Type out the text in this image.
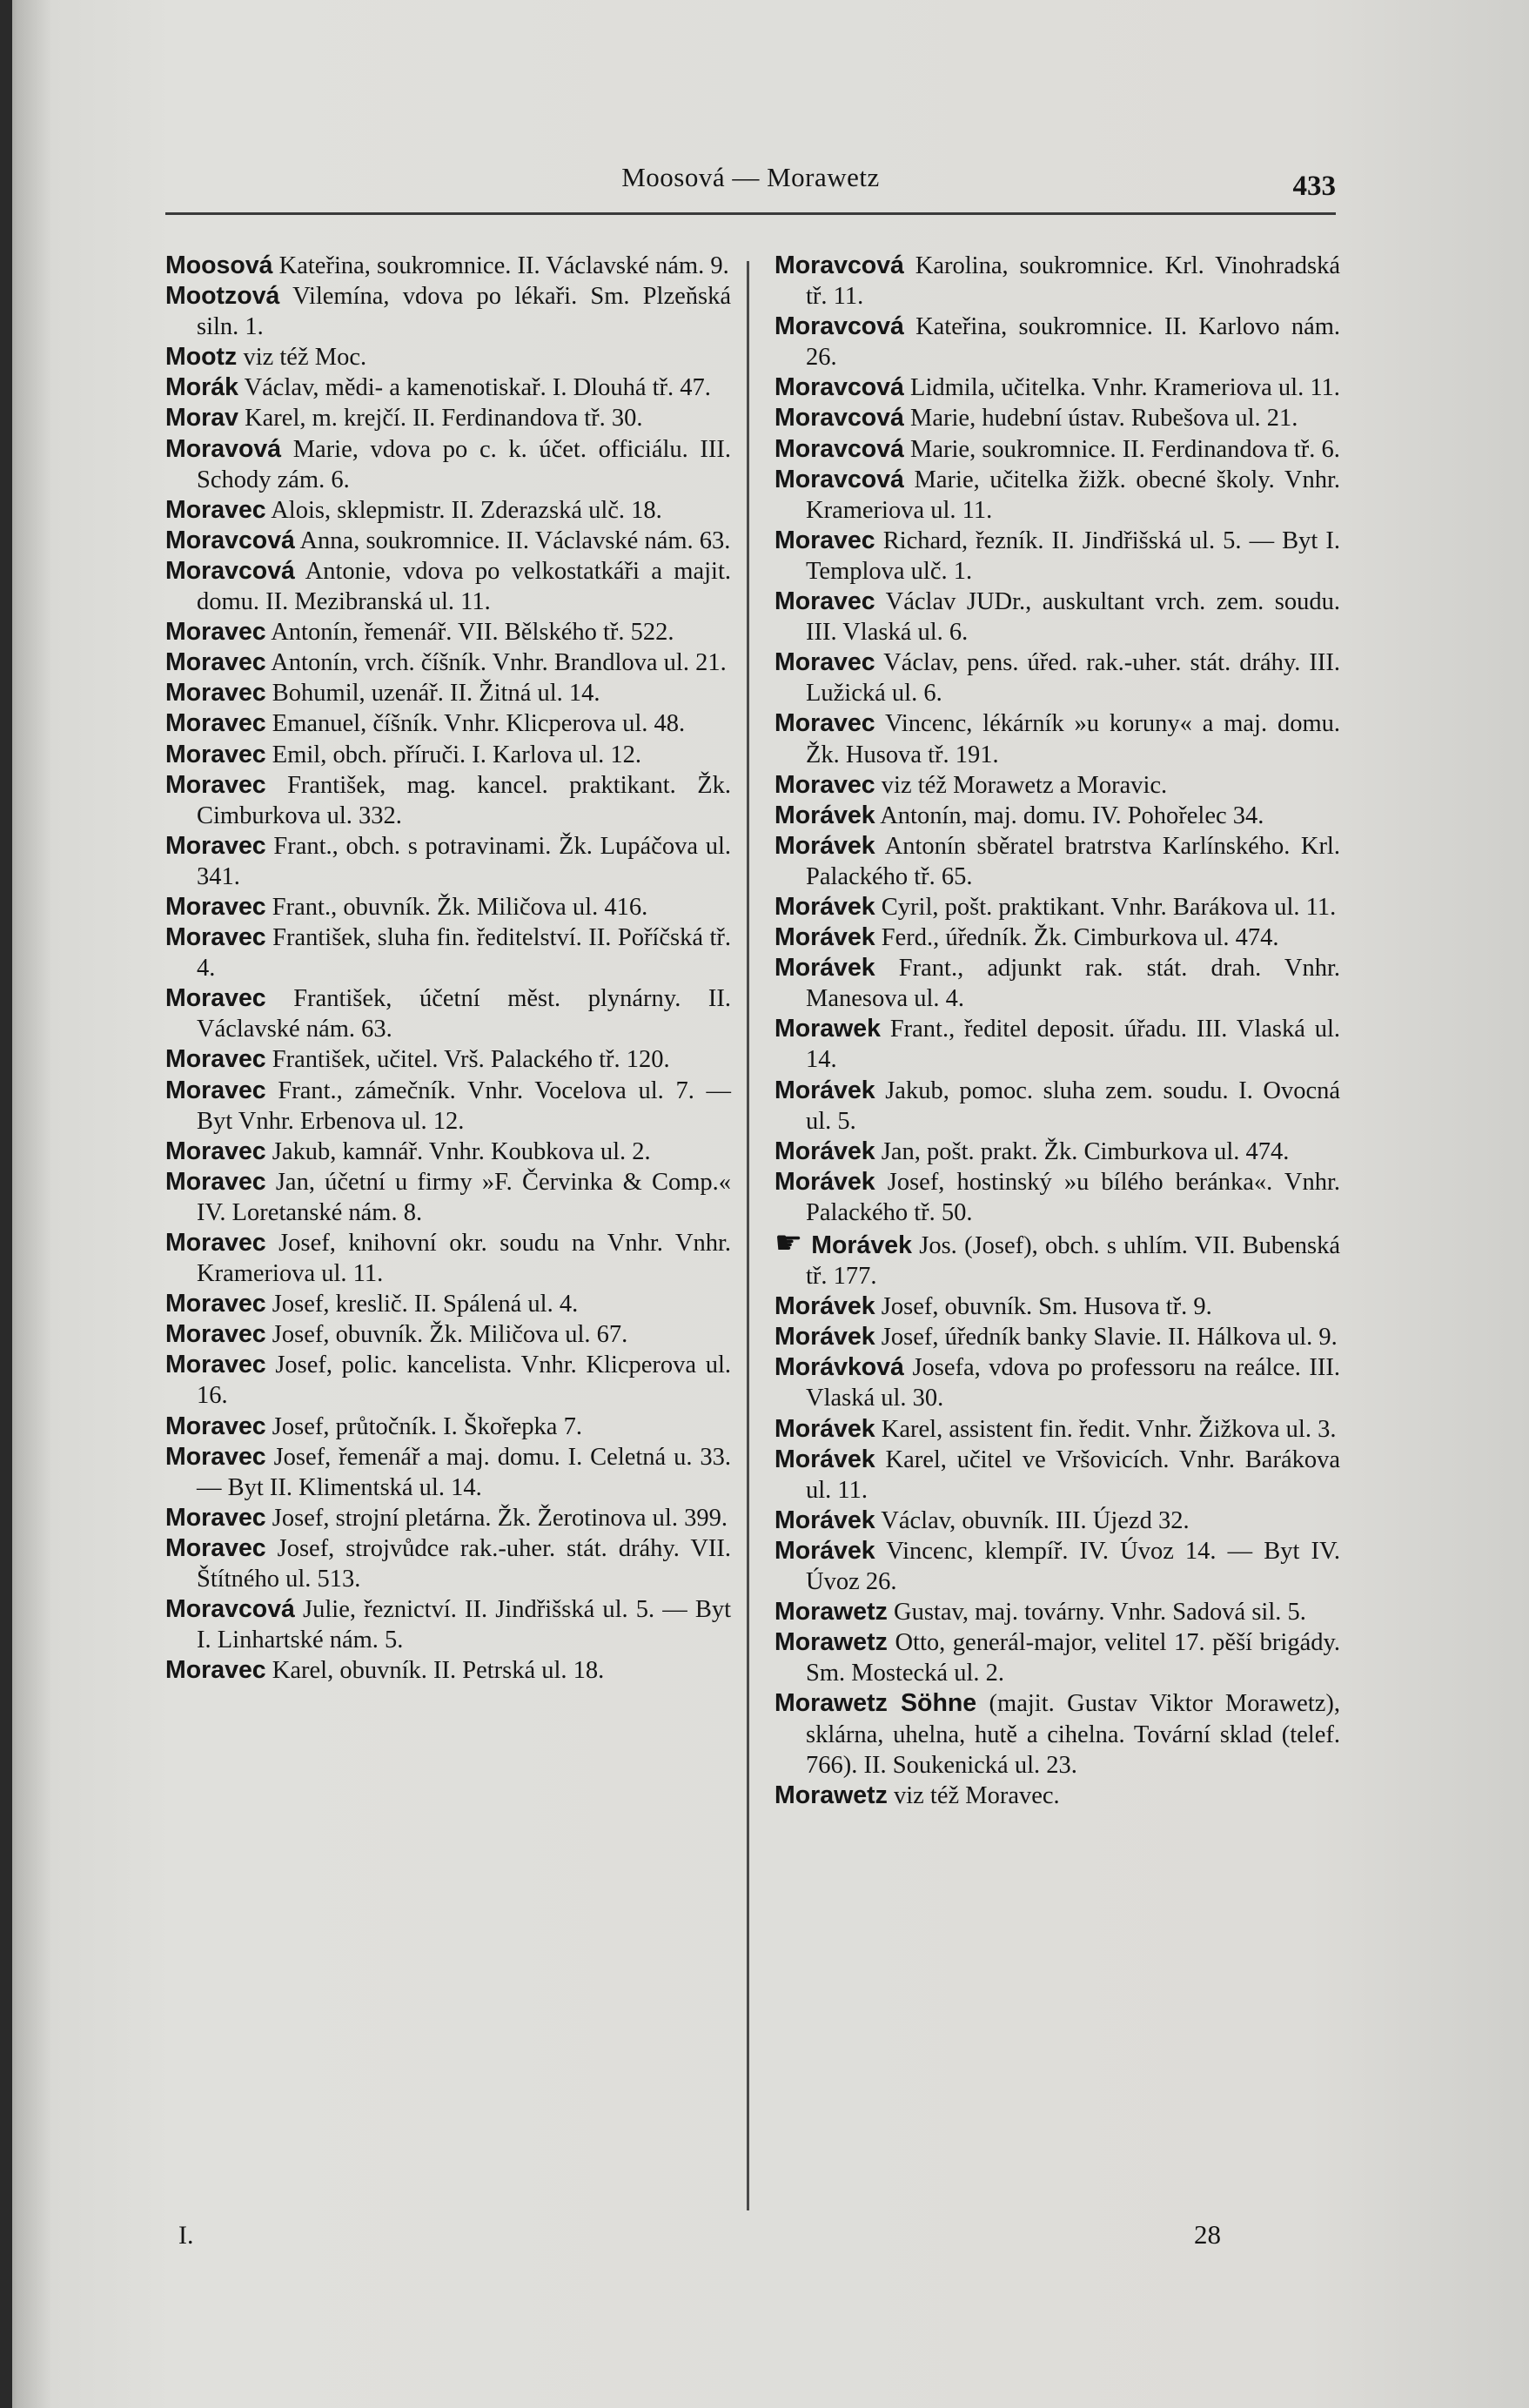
Moosová — Morawetz	433

Moosová Kateřina, soukromnice. II. Václavské nám. 9.

Mootzová Vilemína, vdova po lékaři. Sm. Plzeňská siln. 1.

Mootz viz též Moc.

Morák Václav, mědi- a kamenotiskař. I. Dlouhá tř. 47.

Morav Karel, m. krejčí. II. Ferdinandova tř. 30.

Moravová Marie, vdova po c. k. účet. officiálu. III. Schody zám. 6.

Moravec Alois, sklepmistr. II. Zderazská ulč. 18.

Moravcová Anna, soukromnice. II. Václavské nám. 63.

Moravcová Antonie, vdova po velkostatkáři a majit. domu. II. Mezibranská ul. 11.

Moravec Antonín, řemenář. VII. Bělského tř. 522.

Moravec Antonín, vrch. číšník. Vnhr. Brandlova ul. 21.

Moravec Bohumil, uzenář. II. Žitná ul. 14.

Moravec Emanuel, číšník. Vnhr. Klicperova ul. 48.

Moravec Emil, obch. příruči. I. Karlova ul. 12.

Moravec František, mag. kancel. praktikant. Žk. Cimburkova ul. 332.

Moravec Frant., obch. s potravinami. Žk. Lupáčova ul. 341.

Moravec Frant., obuvník. Žk. Miličova ul. 416.

Moravec František, sluha fin. ředitelství. II. Poříčská tř. 4.

Moravec František, účetní měst. plynárny. II. Václavské nám. 63.

Moravec František, učitel. Vrš. Palackého tř. 120.

Moravec Frant., zámečník. Vnhr. Vocelova ul. 7. — Byt Vnhr. Erbenova ul. 12.

Moravec Jakub, kamnář. Vnhr. Koubkova ul. 2.

Moravec Jan, účetní u firmy »F. Červinka & Comp.« IV. Loretanské nám. 8.

Moravec Josef, knihovní okr. soudu na Vnhr. Vnhr. Krameriova ul. 11.

Moravec Josef, kreslič. II. Spálená ul. 4.

Moravec Josef, obuvník. Žk. Miličova ul. 67.

Moravec Josef, polic. kancelista. Vnhr. Klicperova ul. 16.

Moravec Josef, průtočník. I. Škořepka 7.

Moravec Josef, řemenář a maj. domu. I. Celetná u. 33. — Byt II. Klimentská ul. 14.

Moravec Josef, strojní pletárna. Žk. Žerotinova ul. 399.

Moravec Josef, strojvůdce rak.-uher. stát. dráhy. VII. Štítného ul. 513.

Moravcová Julie, řeznictví. II. Jindřišská ul. 5. — Byt I. Linhartské nám. 5.

Moravec Karel, obuvník. II. Petrská ul. 18.

Moravcová Karolina, soukromnice. Krl. Vinohradská tř. 11.

Moravcová Kateřina, soukromnice. II. Karlovo nám. 26.

Moravcová Lidmila, učitelka. Vnhr. Krameriova ul. 11.

Moravcová Marie, hudební ústav. Rubešova ul. 21.

Moravcová Marie, soukromnice. II. Ferdinandova tř. 6.

Moravcová Marie, učitelka žižk. obecné školy. Vnhr. Krameriova ul. 11.

Moravec Richard, řezník. II. Jindřišská ul. 5. — Byt I. Templova ulč. 1.

Moravec Václav JUDr., auskultant vrch. zem. soudu. III. Vlaská ul. 6.

Moravec Václav, pens. úřed. rak.-uher. stát. dráhy. III. Lužická ul. 6.

Moravec Vincenc, lékárník »u koruny« a maj. domu. Žk. Husova tř. 191.

Moravec viz též Morawetz a Moravic.

Morávek Antonín, maj. domu. IV. Pohořelec 34.

Morávek Antonín sběratel bratrstva Karlínského. Krl. Palackého tř. 65.

Morávek Cyril, pošt. praktikant. Vnhr. Barákova ul. 11.

Morávek Ferd., úředník. Žk. Cimburkova ul. 474.

Morávek Frant., adjunkt rak. stát. drah. Vnhr. Manesova ul. 4.

Morawek Frant., ředitel deposit. úřadu. III. Vlaská ul. 14.

Morávek Jakub, pomoc. sluha zem. soudu. I. Ovocná ul. 5.

Morávek Jan, pošt. prakt. Žk. Cimburkova ul. 474.

Morávek Josef, hostinský »u bílého beránka«. Vnhr. Palackého tř. 50.

☛ Morávek Jos. (Josef), obch. s uhlím. VII. Bubenská tř. 177.

Morávek Josef, obuvník. Sm. Husova tř. 9.

Morávek Josef, úředník banky Slavie. II. Hálkova ul. 9.

Morávková Josefa, vdova po professoru na reálce. III. Vlaská ul. 30.

Morávek Karel, assistent fin. ředit. Vnhr. Žižkova ul. 3.

Morávek Karel, učitel ve Vršovicích. Vnhr. Barákova ul. 11.

Morávek Václav, obuvník. III. Újezd 32.

Morávek Vincenc, klempíř. IV. Úvoz 14. — Byt IV. Úvoz 26.

Morawetz Gustav, maj. továrny. Vnhr. Sadová sil. 5.

Morawetz Otto, generál-major, velitel 17. pěší brigády. Sm. Mostecká ul. 2.

Morawetz Söhne (majit. Gustav Viktor Morawetz), sklárna, uhelna, hutě a cihelna. Tovární sklad (telef. 766). II. Soukenická ul. 23.

Morawetz viz též Moravec.

I.	28
